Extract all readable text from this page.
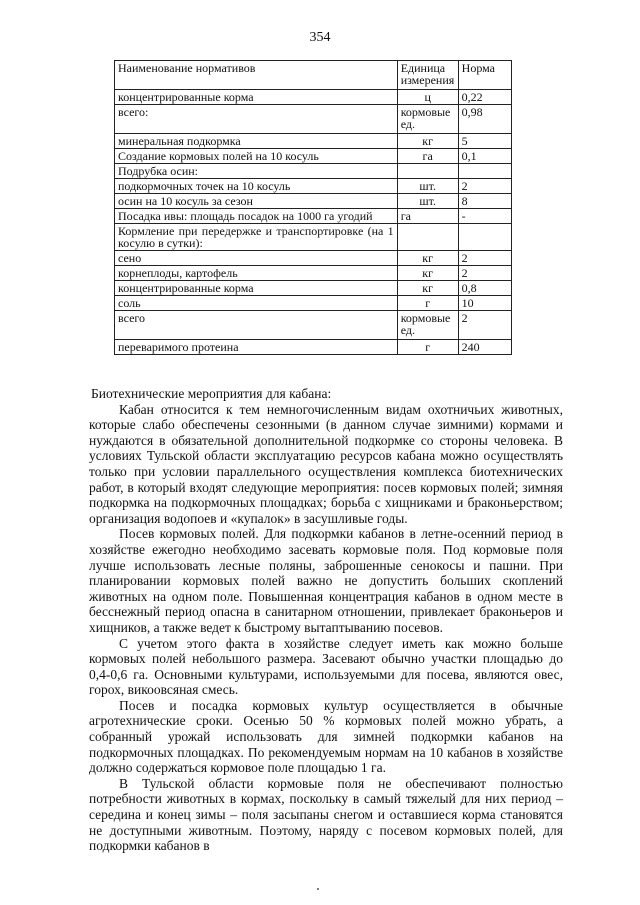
354
Наименование нормативов	Единица измерения	Норма
концентрированные корма	ц	0,22
всего:	кормовые ед.	0,98
минеральная подкормка	кг	5
Создание кормовых полей на 10 косуль	га	0,1
Подрубка осин:		
подкормочных точек на 10 косуль	шт.	2
осин на 10 косуль за сезон	шт.	8
Посадка ивы: площадь посадок на 1000 га угодий	га	-
Кормление при передержке и транспортировке (на 1 косулю в сутки):		
сено	кг	2
корнеплоды, картофель	кг	2
концентрированные корма	кг	0,8
соль	г	10
всего	кормовые ед.	2
переваримого протеина	г	240

Биотехнические мероприятия для кабана:

Кабан относится к тем немногочисленным видам охотничьих животных, которые слабо обеспечены сезонными (в данном случае зимними) кормами и нуждаются в обязательной дополнительной подкормке со стороны человека. В условиях Тульской области эксплуатацию ресурсов кабана можно осуществлять только при условии параллельного осуществления комплекса биотехнических работ, в который входят следующие мероприятия: посев кормовых полей; зимняя подкормка на подкормочных площадках; борьба с хищниками и браконьерством; организация водопоев и «купалок» в засушливые годы.

Посев кормовых полей. Для подкормки кабанов в летне-осенний период в хозяйстве ежегодно необходимо засевать кормовые поля. Под кормовые поля лучше использовать лесные поляны, заброшенные сенокосы и пашни. При планировании кормовых полей важно не допустить больших скоплений животных на одном поле. Повышенная концентрация кабанов в одном месте в бесснежный период опасна в санитарном отношении, привлекает браконьеров и хищников, а также ведет к быстрому вытаптыванию посевов.

С учетом этого факта в хозяйстве следует иметь как можно больше кормовых полей небольшого размера. Засевают обычно участки площадью до 0,4-0,6 га. Основными культурами, используемыми для посева, являются овес, горох, викоовсяная смесь.

Посев и посадка кормовых культур осуществляется в обычные агротехнические сроки. Осенью 50 % кормовых полей можно убрать, а собранный урожай использовать для зимней подкормки кабанов на подкормочных площадках. По рекомендуемым нормам на 10 кабанов в хозяйстве должно содержаться кормовое поле площадью 1 га.

В Тульской области кормовые поля не обеспечивают полностью потребности животных в кормах, поскольку в самый тяжелый для них период – середина и конец зимы – поля засыпаны снегом и оставшиеся корма становятся не доступными животным. Поэтому, наряду с посевом кормовых полей, для подкормки кабанов в
